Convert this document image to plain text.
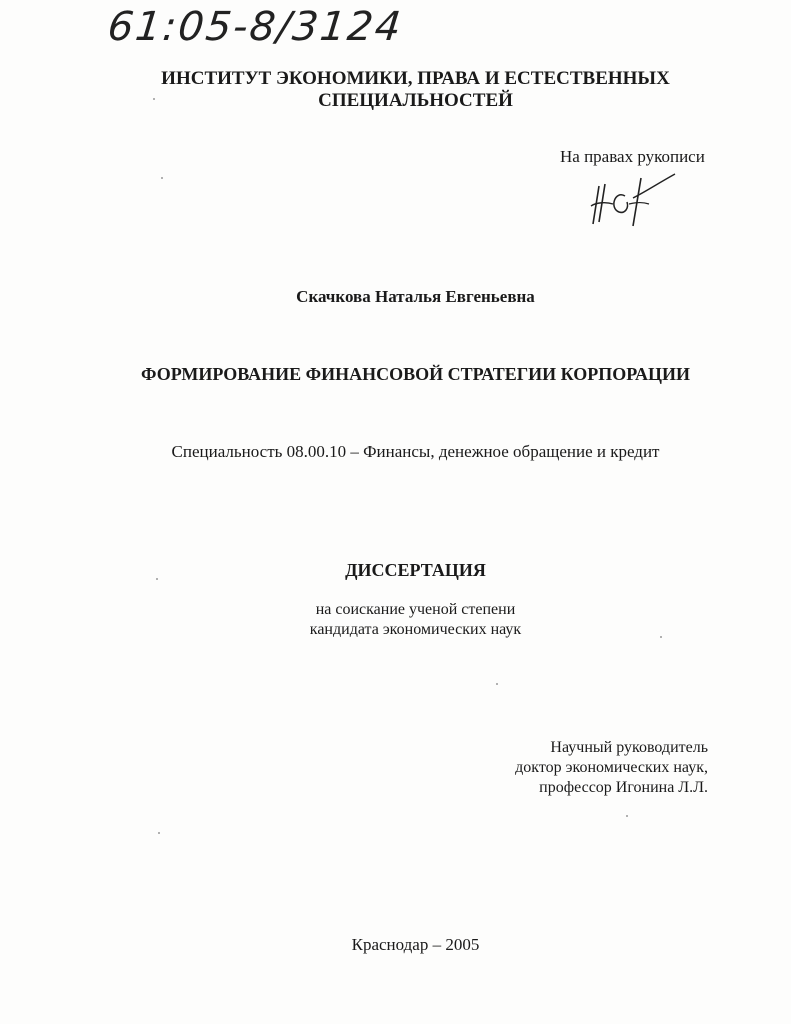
61:05-8/3124
ИНСТИТУТ ЭКОНОМИКИ, ПРАВА И ЕСТЕСТВЕННЫХ
СПЕЦИАЛЬНОСТЕЙ
На правах рукописи
Скачкова Наталья Евгеньевна
ФОРМИРОВАНИЕ ФИНАНСОВОЙ СТРАТЕГИИ КОРПОРАЦИИ
Специальность 08.00.10 – Финансы, денежное обращение и кредит
ДИССЕРТАЦИЯ
на соискание ученой степени
кандидата экономических наук
Научный руководитель
доктор экономических наук,
профессор Игонина Л.Л.
Краснодар – 2005
